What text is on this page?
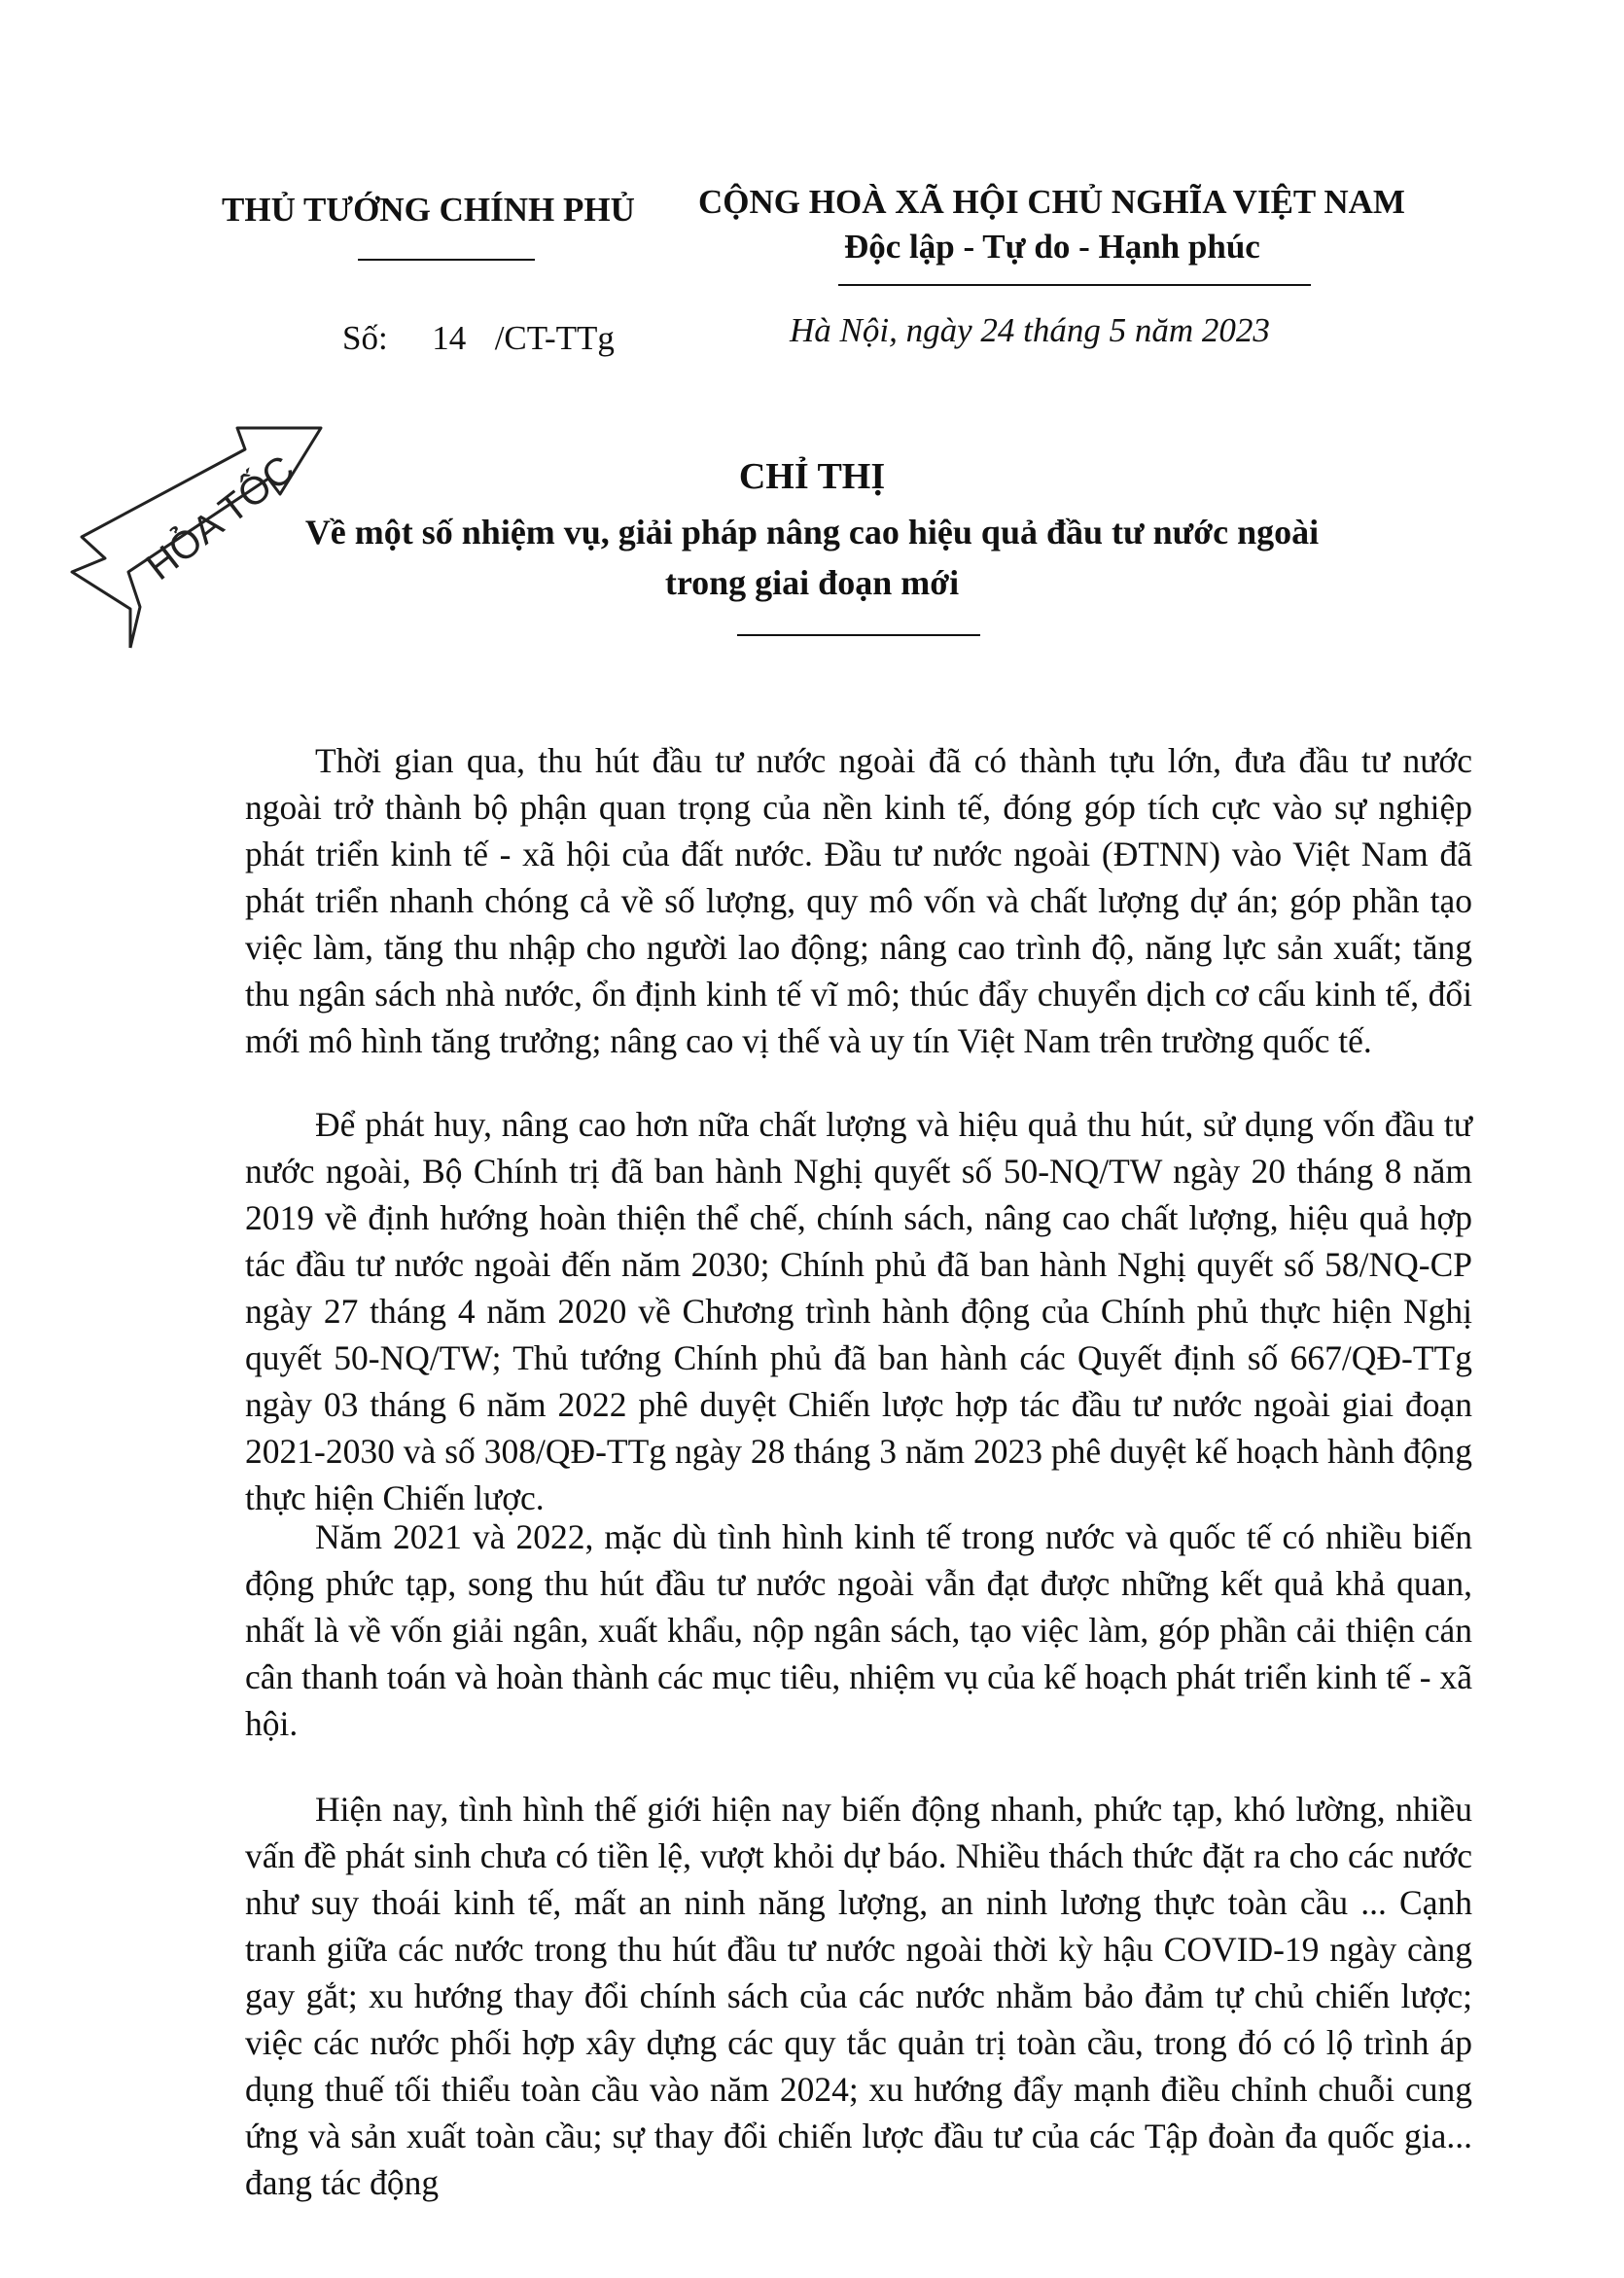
THỦ TƯỚNG CHÍNH PHỦ CỘNG HOÀ XÃ HỘI CHỦ NGHĨA VIỆT NAM
Độc lập - Tự do - Hạnh phúc
Số: 14 /CT-TTg	Hà Nội, ngày 24 tháng 5 năm 2023
HỎA TỐC	CHỈ THỊ
Về một số nhiệm vụ, giải pháp nâng cao hiệu quả đầu tư nước ngoài
trong giai đoạn mới

Thời gian qua, thu hút đầu tư nước ngoài đã có thành tựu lớn, đưa đầu tư nước ngoài trở thành bộ phận quan trọng của nền kinh tế, đóng góp tích cực vào sự nghiệp phát triển kinh tế - xã hội của đất nước. Đầu tư nước ngoài (ĐTNN) vào Việt Nam đã phát triển nhanh chóng cả về số lượng, quy mô vốn và chất lượng dự án; góp phần tạo việc làm, tăng thu nhập cho người lao động; nâng cao trình độ, năng lực sản xuất; tăng thu ngân sách nhà nước, ổn định kinh tế vĩ mô; thúc đẩy chuyển dịch cơ cấu kinh tế, đổi mới mô hình tăng trưởng; nâng cao vị thế và uy tín Việt Nam trên trường quốc tế.

Để phát huy, nâng cao hơn nữa chất lượng và hiệu quả thu hút, sử dụng vốn đầu tư nước ngoài, Bộ Chính trị đã ban hành Nghị quyết số 50-NQ/TW ngày 20 tháng 8 năm 2019 về định hướng hoàn thiện thể chế, chính sách, nâng cao chất lượng, hiệu quả hợp tác đầu tư nước ngoài đến năm 2030; Chính phủ đã ban hành Nghị quyết số 58/NQ-CP ngày 27 tháng 4 năm 2020 về Chương trình hành động của Chính phủ thực hiện Nghị quyết 50-NQ/TW; Thủ tướng Chính phủ đã ban hành các Quyết định số 667/QĐ-TTg ngày 03 tháng 6 năm 2022 phê duyệt Chiến lược hợp tác đầu tư nước ngoài giai đoạn 2021-2030 và số 308/QĐ-TTg ngày 28 tháng 3 năm 2023 phê duyệt kế hoạch hành động thực hiện Chiến lược.

Năm 2021 và 2022, mặc dù tình hình kinh tế trong nước và quốc tế có nhiều biến động phức tạp, song thu hút đầu tư nước ngoài vẫn đạt được những kết quả khả quan, nhất là về vốn giải ngân, xuất khẩu, nộp ngân sách, tạo việc làm, góp phần cải thiện cán cân thanh toán và hoàn thành các mục tiêu, nhiệm vụ của kế hoạch phát triển kinh tế - xã hội.

Hiện nay, tình hình thế giới hiện nay biến động nhanh, phức tạp, khó lường, nhiều vấn đề phát sinh chưa có tiền lệ, vượt khỏi dự báo. Nhiều thách thức đặt ra cho các nước như suy thoái kinh tế, mất an ninh năng lượng, an ninh lương thực toàn cầu ... Cạnh tranh giữa các nước trong thu hút đầu tư nước ngoài thời kỳ hậu COVID-19 ngày càng gay gắt; xu hướng thay đổi chính sách của các nước nhằm bảo đảm tự chủ chiến lược; việc các nước phối hợp xây dựng các quy tắc quản trị toàn cầu, trong đó có lộ trình áp dụng thuế tối thiểu toàn cầu vào năm 2024; xu hướng đẩy mạnh điều chỉnh chuỗi cung ứng và sản xuất toàn cầu; sự thay đổi chiến lược đầu tư của các Tập đoàn đa quốc gia... đang tác động
